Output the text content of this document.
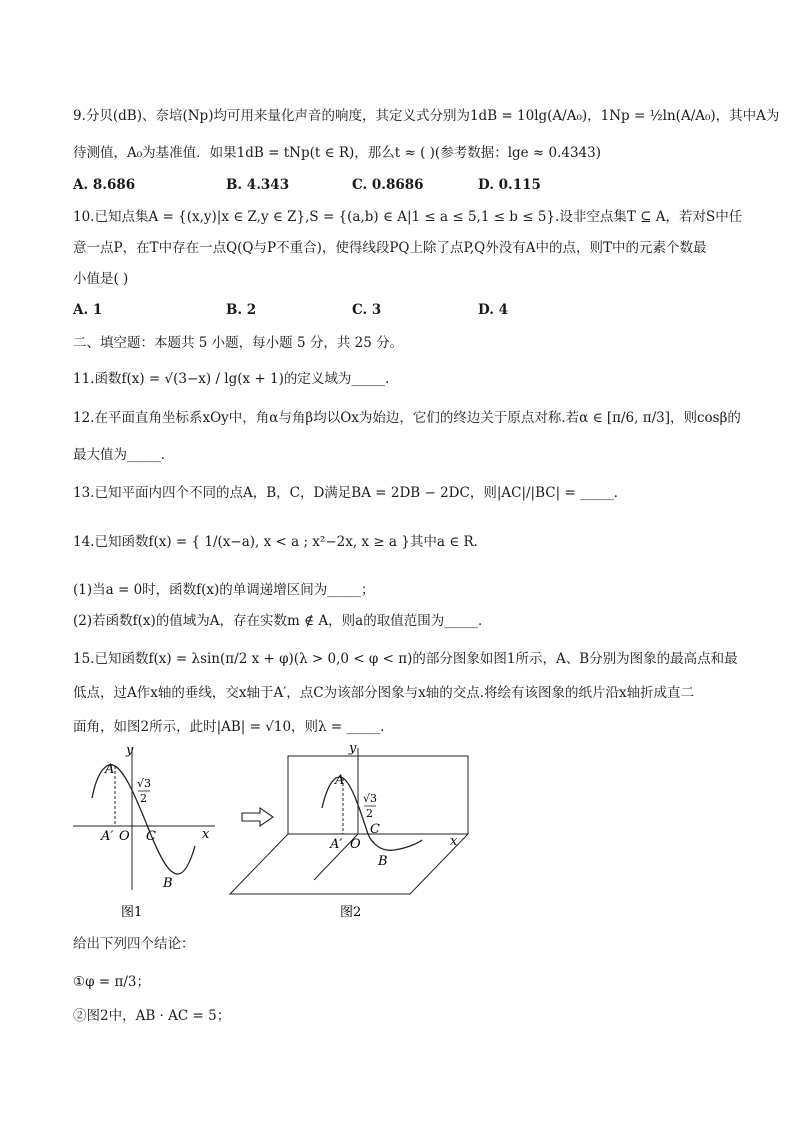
9.分贝(dB)、奈培(Np)均可用来量化声音的响度，其定义式分别为1dB = 10lg(A/A₀)，1Np = ½ln(A/A₀)，其中A为
待测值，A₀为基准值．如果1dB = tNp(t ∈ R)，那么t ≈ ( )(参考数据：lge ≈ 0.4343)
A. 8.686	B. 4.343	C. 0.8686	D. 0.115
10.已知点集A = {(x,y)|x ∈ Z,y ∈ Z},S = {(a,b) ∈ A|1 ≤ a ≤ 5,1 ≤ b ≤ 5}.设非空点集T ⊆ A，若对S中任
意一点P，在T中存在一点Q(Q与P不重合)，使得线段PQ上除了点P,Q外没有A中的点，则T中的元素个数最
小值是( )
A. 1	B. 2	C. 3	D. 4
二、填空题：本题共 5 小题，每小题 5 分，共 25 分。
11.函数f(x) = √(3−x) / lg(x + 1)的定义域为_____．
12.在平面直角坐标系xOy中，角α与角β均以Ox为始边，它们的终边关于原点对称.若α ∈ [π/6, π/3]，则cosβ的
最大值为_____．
13.已知平面内四个不同的点A，B，C，D满足BA = 2DB − 2DC，则|AC|/|BC| = _____．
14.已知函数f(x) = { 1/(x−a), x < a ; x²−2x, x ≥ a }其中a ∈ R．
(1)当a = 0时，函数f(x)的单调递增区间为_____；
(2)若函数f(x)的值域为A，存在实数m ∉ A，则a的取值范围为_____．
15.已知函数f(x) = λsin(π/2 x + φ)(λ > 0,0 < φ < π)的部分图象如图1所示，A、B分别为图象的最高点和最
低点，过A作x轴的垂线，交x轴于A′，点C为该部分图象与x轴的交点.将绘有该图象的纸片沿x轴折成直二
面角，如图2所示，此时|AB| = √10，则λ = _____．
y
x
A
√3
2
A′ O C
B
图1
y
x
A
√3
2
C
A′ O
B
图2
给出下列四个结论：
①φ = π/3；
②图2中，AB · AC = 5；
